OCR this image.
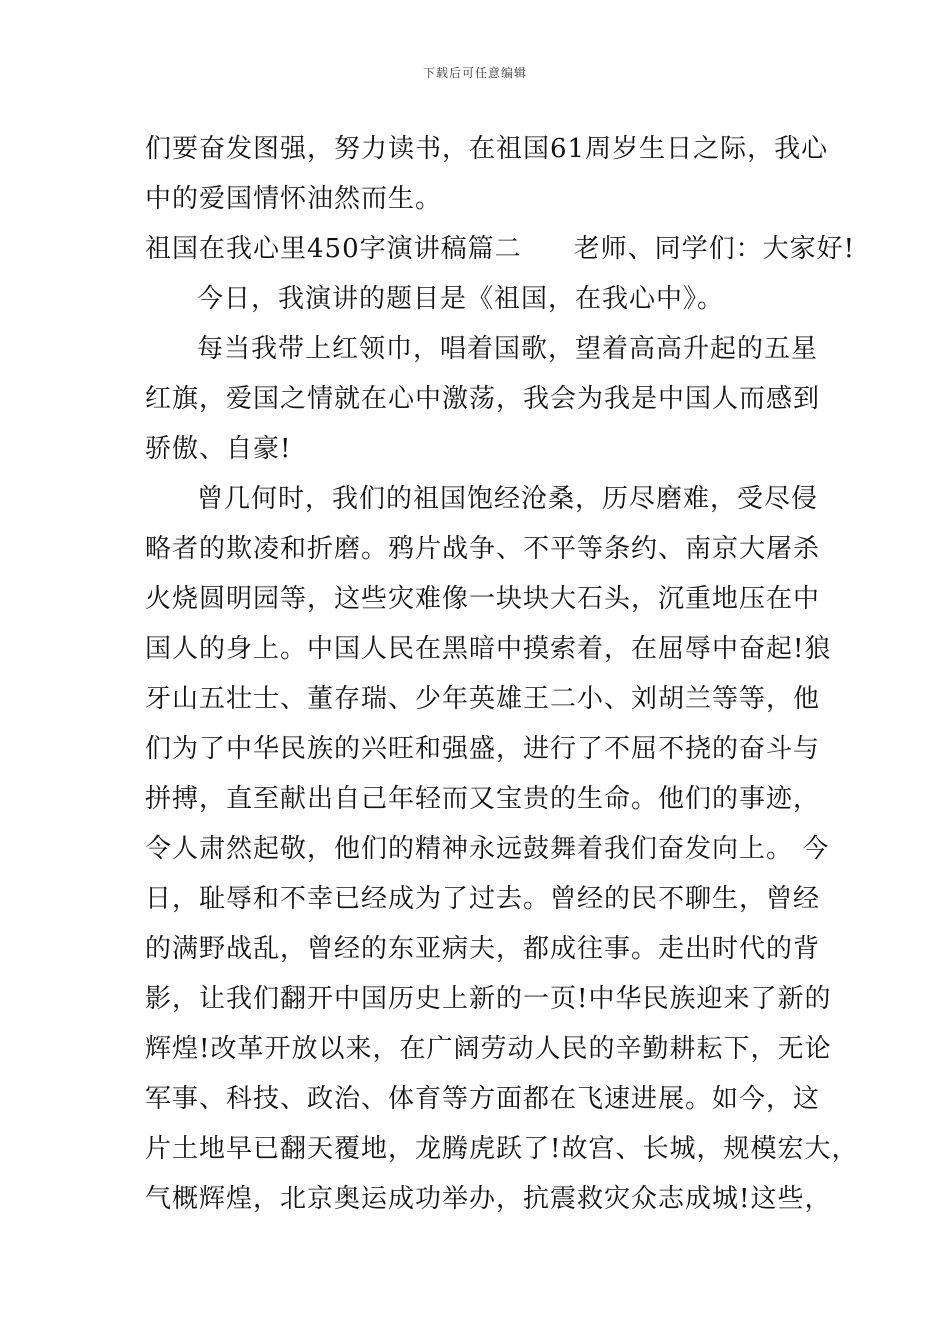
下载后可任意编辑
们要奋发图强，努力读书，在祖国61周岁生日之际，我心
中的爱国情怀油然而生。
祖国在我心里450字演讲稿篇二 老师、同学们：大家好!
今日，我演讲的题目是《祖国，在我心中》。
每当我带上红领巾，唱着国歌，望着高高升起的五星
红旗，爱国之情就在心中激荡，我会为我是中国人而感到
骄傲、自豪!
曾几何时，我们的祖国饱经沧桑，历尽磨难，受尽侵
略者的欺凌和折磨。鸦片战争、不平等条约、南京大屠杀
火烧圆明园等，这些灾难像一块块大石头，沉重地压在中
国人的身上。中国人民在黑暗中摸索着，在屈辱中奋起!狼
牙山五壮士、董存瑞、少年英雄王二小、刘胡兰等等，他
们为了中华民族的兴旺和强盛，进行了不屈不挠的奋斗与
拼搏，直至献出自己年轻而又宝贵的生命。他们的事迹，
令人肃然起敬，他们的精神永远鼓舞着我们奋发向上。 今
日，耻辱和不幸已经成为了过去。曾经的民不聊生，曾经
的满野战乱，曾经的东亚病夫，都成往事。走出时代的背
影，让我们翻开中国历史上新的一页!中华民族迎来了新的
辉煌!改革开放以来，在广阔劳动人民的辛勤耕耘下，无论
军事、科技、政治、体育等方面都在飞速进展。如今，这
片土地早已翻天覆地，龙腾虎跃了!故宫、长城，规模宏大，
气概辉煌，北京奥运成功举办，抗震救灾众志成城!这些，
